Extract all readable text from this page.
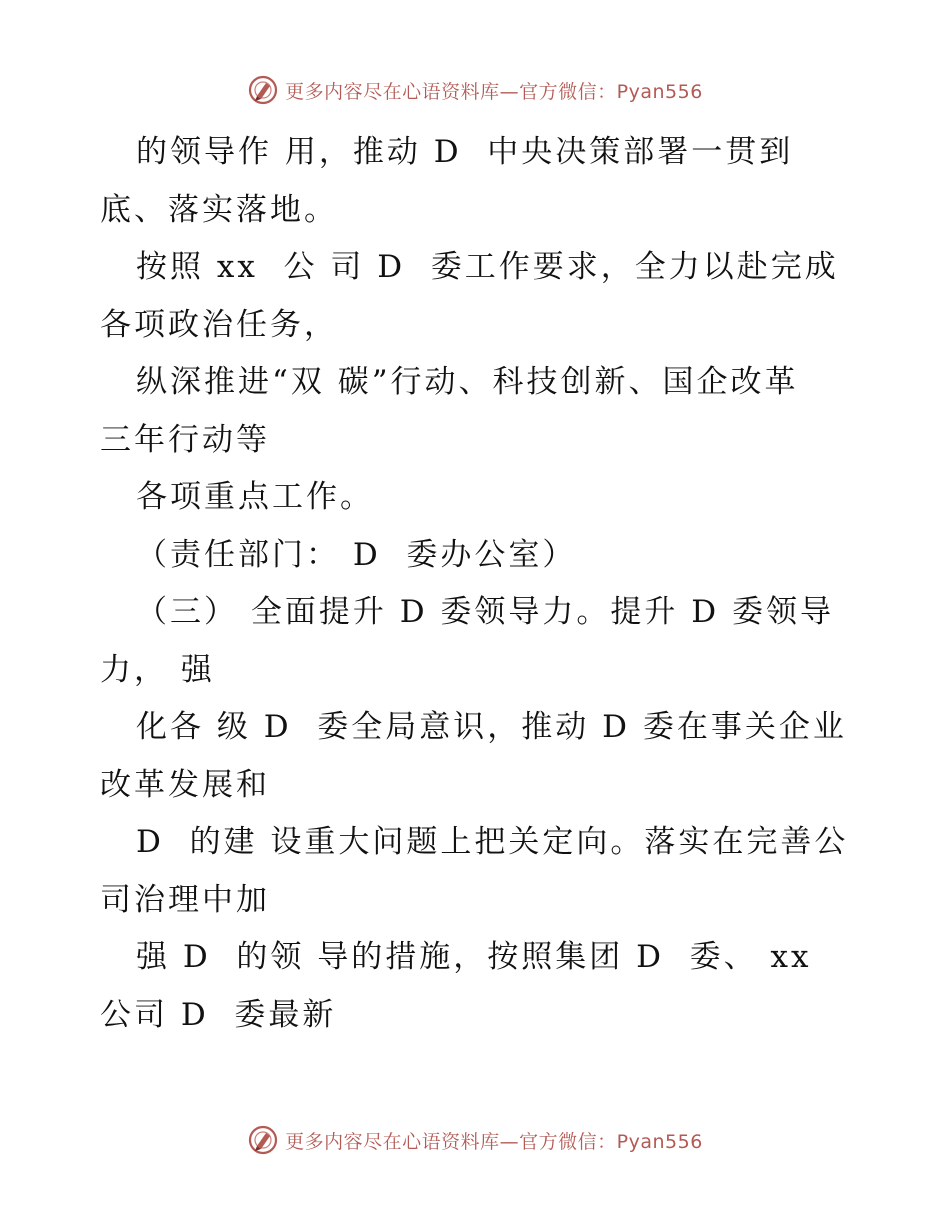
更多内容尽在心语资料库—官方微信：Pyan556
的领导作 用，推动 D  中央决策部署一贯到
底、落实落地。
按照 xx  公 司 D  委工作要求，全力以赴完成
各项政治任务，
纵深推进“双 碳”行动、科技创新、国企改革
三年行动等
各项重点工作。
（责任部门： D  委办公室）
（三） 全面提升 D 委领导力。提升 D 委领导
力， 强
化各 级 D  委全局意识，推动 D 委在事关企业
改革发展和
D  的建 设重大问题上把关定向。落实在完善公
司治理中加
强 D  的领 导的措施，按照集团 D  委、 xx
公司 D  委最新
更多内容尽在心语资料库—官方微信：Pyan556
